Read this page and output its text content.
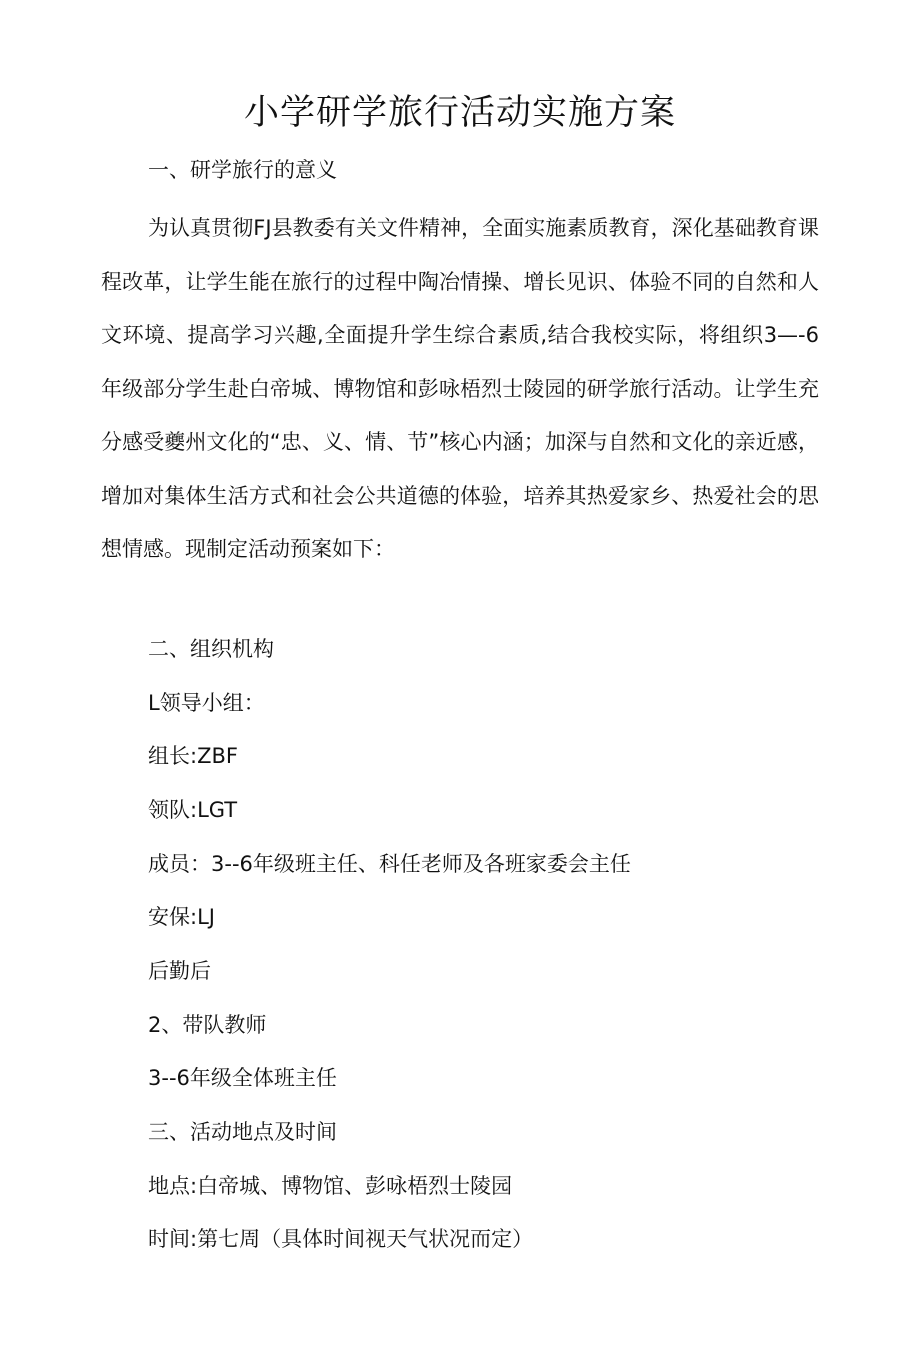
小学研学旅行活动实施方案

一、研学旅行的意义

为认真贯彻FJ县教委有关文件精神，全面实施素质教育，深化基础教育课程改革，让学生能在旅行的过程中陶冶情操、增长见识、体验不同的自然和人文环境、提高学习兴趣,全面提升学生综合素质,结合我校实际，将组织3—-6年级部分学生赴白帝城、博物馆和彭咏梧烈士陵园的研学旅行活动。让学生充分感受夔州文化的“忠、义、情、节”核心内涵；加深与自然和文化的亲近感，增加对集体生活方式和社会公共道德的体验，培养其热爱家乡、热爱社会的思想情感。现制定活动预案如下：

二、组织机构

L领导小组：

组长:ZBF

领队:LGT

成员：3--6年级班主任、科任老师及各班家委会主任

安保:LJ

后勤后

2、带队教师

3--6年级全体班主任

三、活动地点及时间

地点:白帝城、博物馆、彭咏梧烈士陵园

时间:第七周（具体时间视天气状况而定）
